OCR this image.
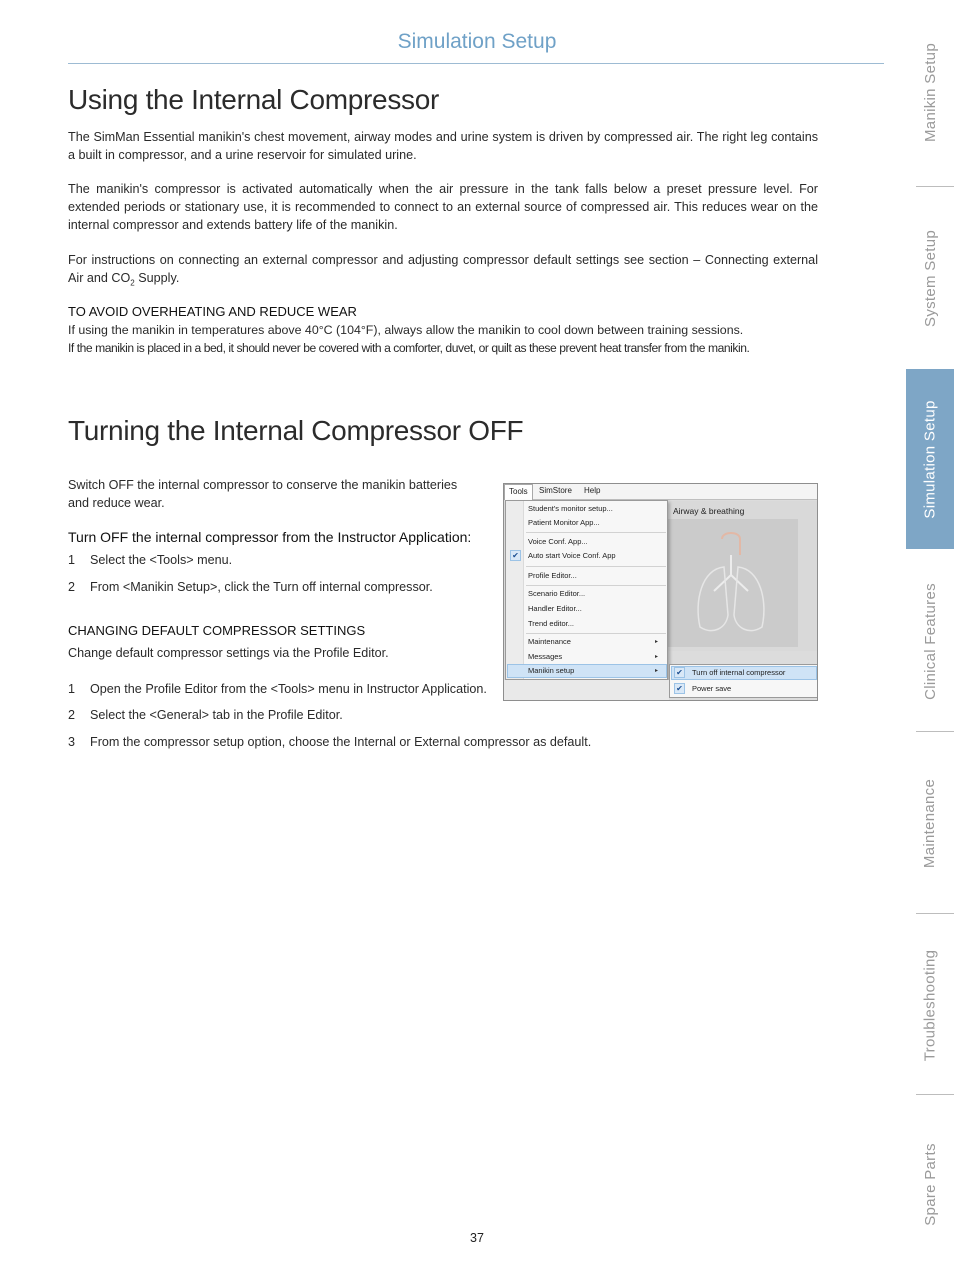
Simulation Setup
Using the Internal Compressor

The SimMan Essential manikin's chest movement, airway modes and urine system is driven by compressed air. The right leg contains a built in compressor, and a urine reservoir for simulated urine.

The manikin's compressor is activated automatically when the air pressure in the tank falls below a preset pressure level. For extended periods or stationary use, it is recommended to connect to an external source of compressed air. This reduces wear on the internal compressor and extends battery life of the manikin.

For instructions on connecting an external compressor and adjusting compressor default settings see section – Connecting external Air and $CO_2$ Supply.

TO AVOID OVERHEATING AND REDUCE WEAR
If using the manikin in temperatures above 40°C (104°F), always allow the manikin to cool down between training sessions.
If the manikin is placed in a bed, it should never be covered with a comforter, duvet, or quilt as these prevent heat transfer from the manikin.
Turning the Internal Compressor OFF

Switch OFF the internal compressor to conserve the manikin batteries and reduce wear.

Turn OFF the internal compressor from the Instructor Application:
1 Select the <Tools> menu.
2 From <Manikin Setup>, click the Turn off internal compressor.
CHANGING DEFAULT COMPRESSOR SETTINGS
Change default compressor settings via the Profile Editor.
1 Open the Profile Editor from the <Tools> menu in Instructor Application.
2 Select the <General> tab in the Profile Editor.
3 From the compressor setup option, choose the Internal or External compressor as default.
Airway & breathing
Tools	SimStore Help
Student's monitor setup...
Patient Monitor App...
Voice Conf. App...
✔ Auto start Voice Conf. App
Profile Editor...
Scenario Editor...
Handler Editor...
Trend editor...
Maintenance	▸
Messages	▸
Manikin setup	▸ ✔ Turn off internal compressor
✔ Power save
Manikin Setup
System Setup
Simulation Setup
Clinical Features
Maintenance
Troubleshooting
Spare Parts
37
